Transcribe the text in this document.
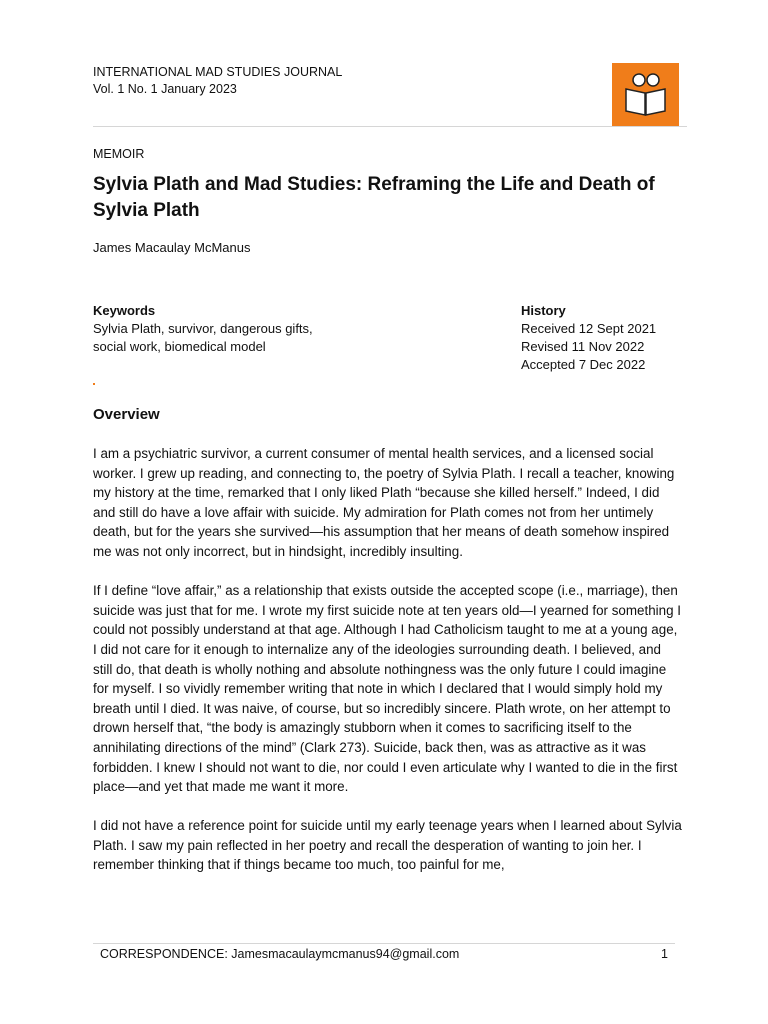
INTERNATIONAL MAD STUDIES JOURNAL
Vol. 1 No. 1 January 2023
MEMOIR
Sylvia Plath and Mad Studies: Reframing the Life and Death of Sylvia Plath
James Macaulay McManus
Keywords
Sylvia Plath, survivor, dangerous gifts,
social work, biomedical model
History
Received 12 Sept 2021
Revised 11 Nov 2022
Accepted 7 Dec 2022
Overview

I am a psychiatric survivor, a current consumer of mental health services, and a licensed social worker. I grew up reading, and connecting to, the poetry of Sylvia Plath. I recall a teacher, knowing my history at the time, remarked that I only liked Plath “because she killed herself.” Indeed, I did and still do have a love affair with suicide. My admiration for Plath comes not from her untimely death, but for the years she survived—his assumption that her means of death somehow inspired me was not only incorrect, but in hindsight, incredibly insulting.

If I define “love affair,” as a relationship that exists outside the accepted scope (i.e., marriage), then suicide was just that for me. I wrote my first suicide note at ten years old—I yearned for something I could not possibly understand at that age. Although I had Catholicism taught to me at a young age, I did not care for it enough to internalize any of the ideologies surrounding death. I believed, and still do, that death is wholly nothing and absolute nothingness was the only future I could imagine for myself. I so vividly remember writing that note in which I declared that I would simply hold my breath until I died. It was naive, of course, but so incredibly sincere. Plath wrote, on her attempt to drown herself that, “the body is amazingly stubborn when it comes to sacrificing itself to the annihilating directions of the mind” (Clark 273). Suicide, back then, was as attractive as it was forbidden. I knew I should not want to die, nor could I even articulate why I wanted to die in the first place—and yet that made me want it more.

I did not have a reference point for suicide until my early teenage years when I learned about Sylvia Plath. I saw my pain reflected in her poetry and recall the desperation of wanting to join her. I remember thinking that if things became too much, too painful for me,

CORRESPONDENCE: Jamesmacaulaymcmanus94@gmail.com	1
